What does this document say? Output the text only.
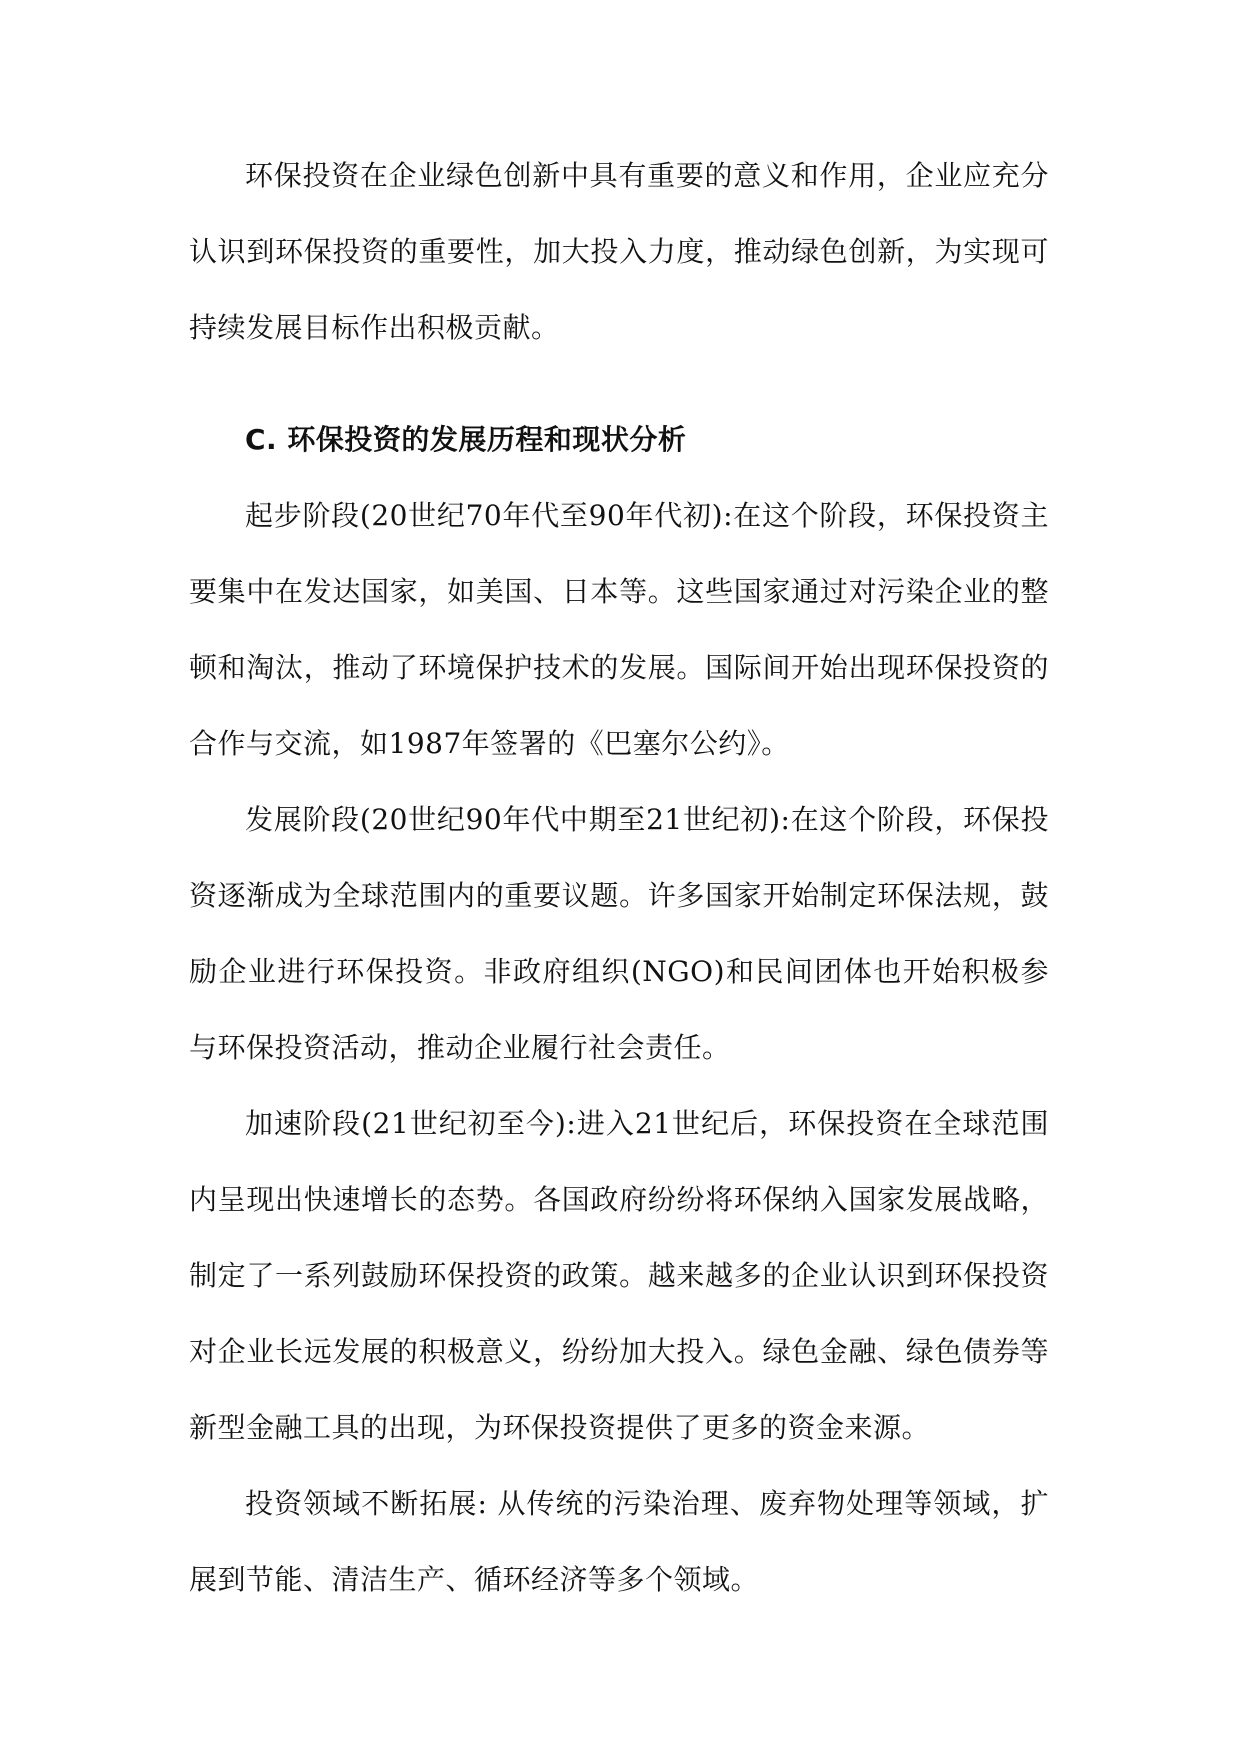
环保投资在企业绿色创新中具有重要的意义和作用，企业应充分认识到环保投资的重要性，加大投入力度，推动绿色创新，为实现可持续发展目标作出积极贡献。

C. 环保投资的发展历程和现状分析

起步阶段(20世纪70年代至90年代初):在这个阶段，环保投资主要集中在发达国家，如美国、日本等。这些国家通过对污染企业的整顿和淘汰，推动了环境保护技术的发展。国际间开始出现环保投资的合作与交流，如1987年签署的《巴塞尔公约》。

发展阶段(20世纪90年代中期至21世纪初):在这个阶段，环保投资逐渐成为全球范围内的重要议题。许多国家开始制定环保法规，鼓励企业进行环保投资。非政府组织(NGO)和民间团体也开始积极参与环保投资活动，推动企业履行社会责任。

加速阶段(21世纪初至今):进入21世纪后，环保投资在全球范围内呈现出快速增长的态势。各国政府纷纷将环保纳入国家发展战略，制定了一系列鼓励环保投资的政策。越来越多的企业认识到环保投资对企业长远发展的积极意义，纷纷加大投入。绿色金融、绿色债券等新型金融工具的出现，为环保投资提供了更多的资金来源。

投资领域不断拓展: 从传统的污染治理、废弃物处理等领域，扩展到节能、清洁生产、循环经济等多个领域。
